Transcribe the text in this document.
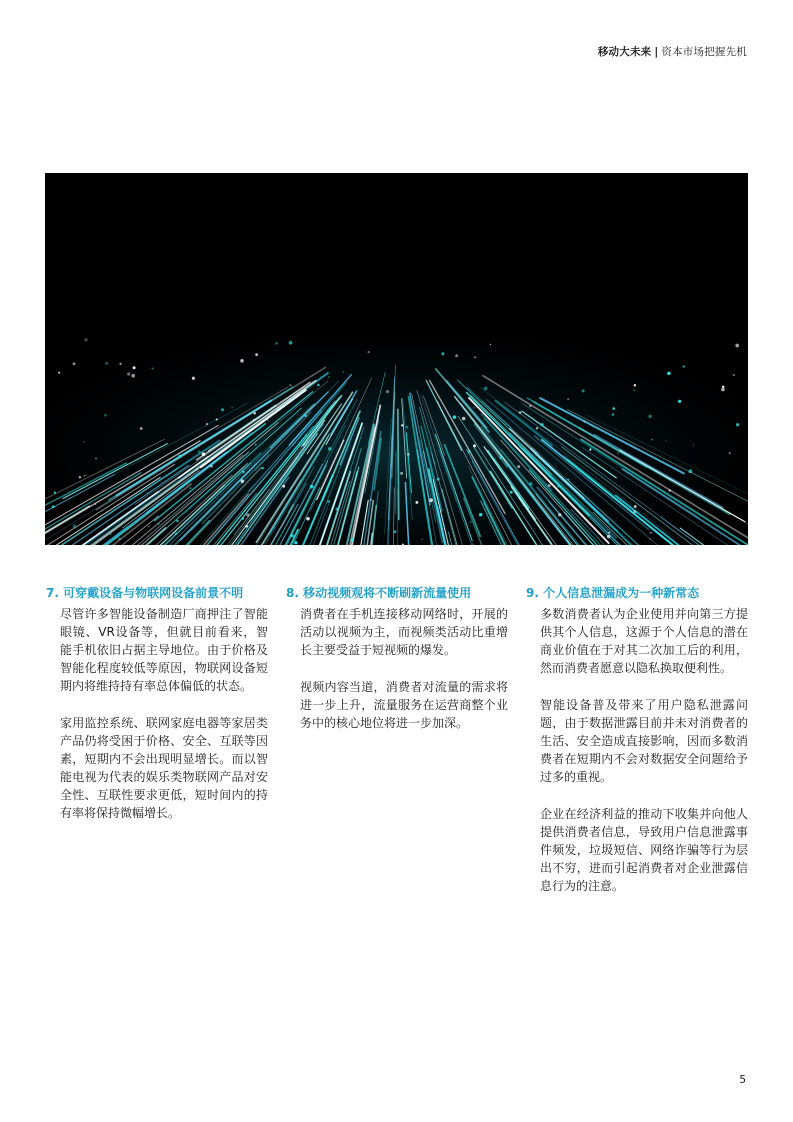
移动大未来 | 资本市场把握先机
7. 可穿戴设备与物联网设备前景不明

尽管许多智能设备制造厂商押注了智能眼镜、VR设备等，但就目前看来，智能手机依旧占据主导地位。由于价格及智能化程度较低等原因，物联网设备短期内将维持持有率总体偏低的状态。

家用监控系统、联网家庭电器等家居类产品仍将受困于价格、安全、互联等因素，短期内不会出现明显增长。而以智能电视为代表的娱乐类物联网产品对安全性、互联性要求更低，短时间内的持有率将保持微幅增长。

8. 移动视频观将不断刷新流量使用

消费者在手机连接移动网络时，开展的活动以视频为主，而视频类活动比重增长主要受益于短视频的爆发。

视频内容当道，消费者对流量的需求将进一步上升，流量服务在运营商整个业务中的核心地位将进一步加深。

9. 个人信息泄漏成为一种新常态

多数消费者认为企业使用并向第三方提供其个人信息，这源于个人信息的潜在商业价值在于对其二次加工后的利用，然而消费者愿意以隐私换取便利性。

智能设备普及带来了用户隐私泄露问题，由于数据泄露目前并未对消费者的生活、安全造成直接影响，因而多数消费者在短期内不会对数据安全问题给予过多的重视。

企业在经济利益的推动下收集并向他人提供消费者信息，导致用户信息泄露事件频发，垃圾短信、网络诈骗等行为层出不穷，进而引起消费者对企业泄露信息行为的注意。

5
